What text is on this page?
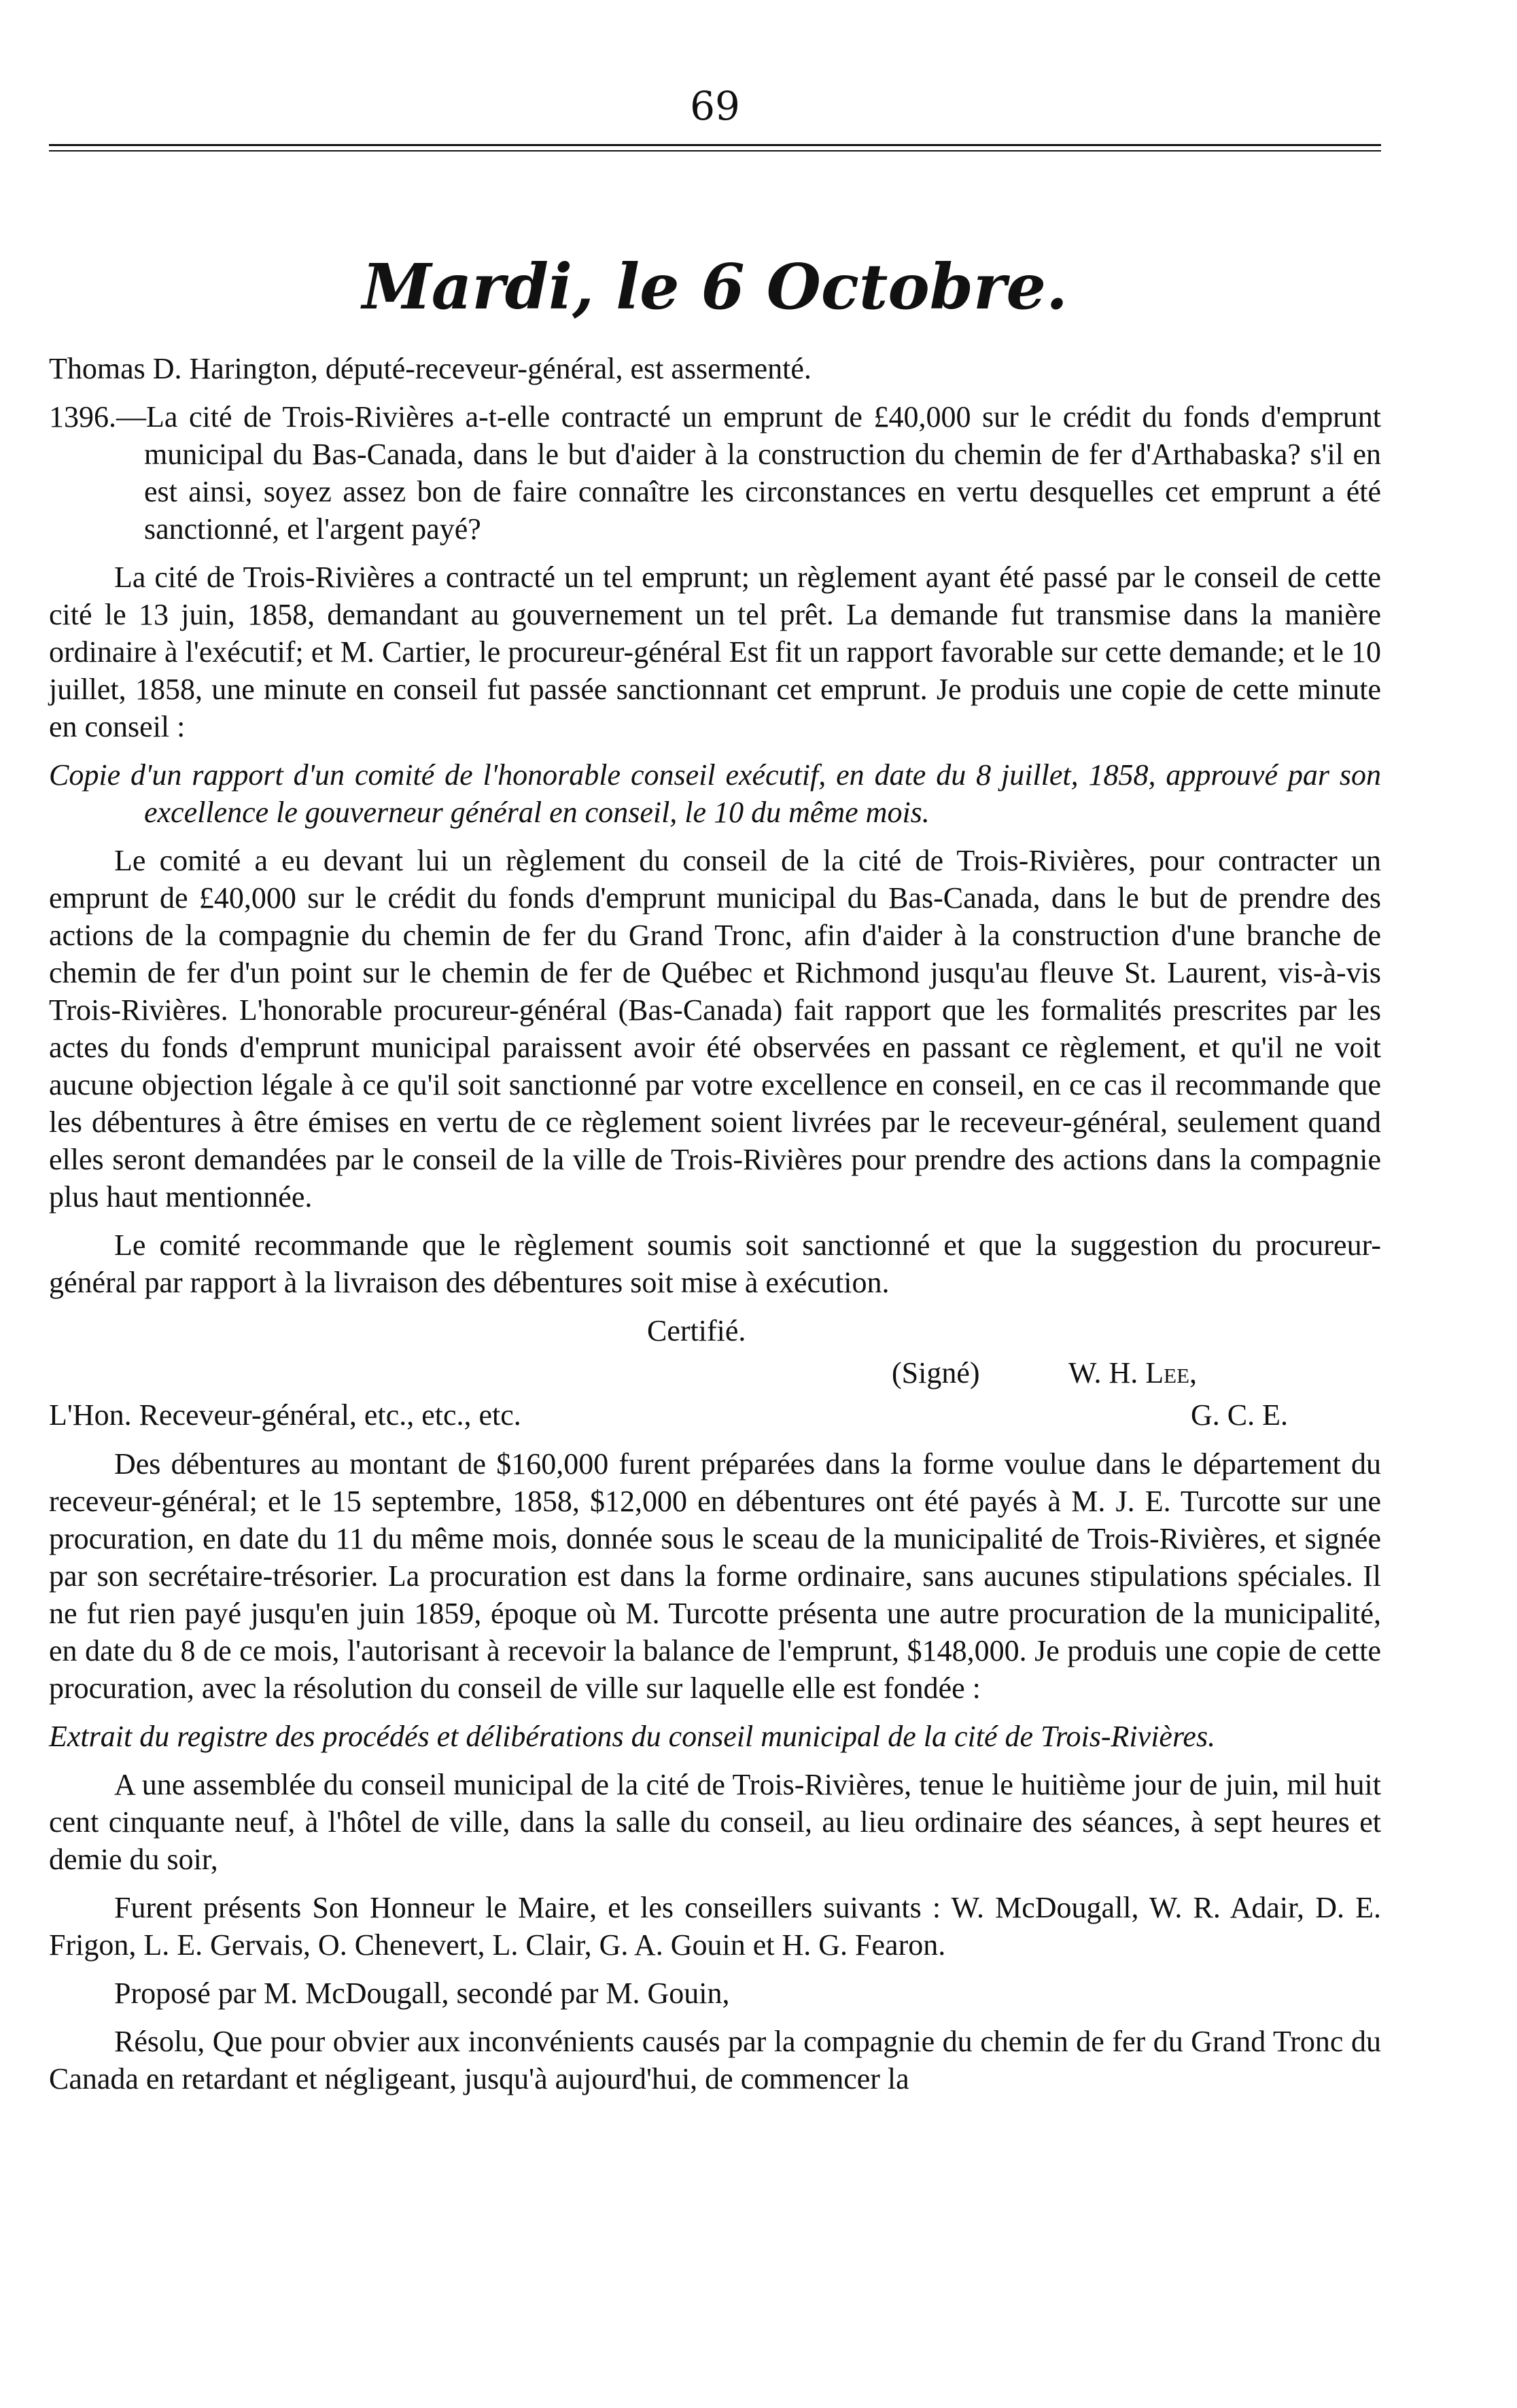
69
Mardi, le 6 Octobre.

Thomas D. Harington, député-receveur-général, est assermenté.

1396.—La cité de Trois-Rivières a-t-elle contracté un emprunt de £40,000 sur le crédit du fonds d'emprunt municipal du Bas-Canada, dans le but d'aider à la construction du chemin de fer d'Arthabaska? s'il en est ainsi, soyez assez bon de faire connaître les circonstances en vertu desquelles cet emprunt a été sanctionné, et l'argent payé?

La cité de Trois-Rivières a contracté un tel emprunt; un règlement ayant été passé par le conseil de cette cité le 13 juin, 1858, demandant au gouvernement un tel prêt. La demande fut transmise dans la manière ordinaire à l'exécutif; et M. Cartier, le procureur-général Est fit un rapport favorable sur cette demande; et le 10 juillet, 1858, une minute en conseil fut passée sanctionnant cet emprunt. Je produis une copie de cette minute en conseil :

Copie d'un rapport d'un comité de l'honorable conseil exécutif, en date du 8 juillet, 1858, approuvé par son excellence le gouverneur général en conseil, le 10 du même mois.

Le comité a eu devant lui un règlement du conseil de la cité de Trois-Rivières, pour contracter un emprunt de £40,000 sur le crédit du fonds d'emprunt municipal du Bas-Canada, dans le but de prendre des actions de la compagnie du chemin de fer du Grand Tronc, afin d'aider à la construction d'une branche de chemin de fer d'un point sur le chemin de fer de Québec et Richmond jusqu'au fleuve St. Laurent, vis-à-vis Trois-Rivières. L'honorable procureur-général (Bas-Canada) fait rapport que les formalités prescrites par les actes du fonds d'emprunt municipal paraissent avoir été observées en passant ce règlement, et qu'il ne voit aucune objection légale à ce qu'il soit sanctionné par votre excellence en conseil, en ce cas il recommande que les débentures à être émises en vertu de ce règlement soient livrées par le receveur-général, seulement quand elles seront demandées par le conseil de la ville de Trois-Rivières pour prendre des actions dans la compagnie plus haut mentionnée.

Le comité recommande que le règlement soumis soit sanctionné et que la suggestion du procureur-général par rapport à la livraison des débentures soit mise à exécution.

Certifié.
(Signé)	W. H. Lee,
L'Hon. Receveur-général, etc., etc., etc.	G. C. E.

Des débentures au montant de $160,000 furent préparées dans la forme voulue dans le département du receveur-général; et le 15 septembre, 1858, $12,000 en débentures ont été payés à M. J. E. Turcotte sur une procuration, en date du 11 du même mois, donnée sous le sceau de la municipalité de Trois-Rivières, et signée par son secrétaire-trésorier. La procuration est dans la forme ordinaire, sans aucunes stipulations spéciales. Il ne fut rien payé jusqu'en juin 1859, époque où M. Turcotte présenta une autre procuration de la municipalité, en date du 8 de ce mois, l'autorisant à recevoir la balance de l'emprunt, $148,000. Je produis une copie de cette procuration, avec la résolution du conseil de ville sur laquelle elle est fondée :

Extrait du registre des procédés et délibérations du conseil municipal de la cité de Trois-Rivières.

A une assemblée du conseil municipal de la cité de Trois-Rivières, tenue le huitième jour de juin, mil huit cent cinquante neuf, à l'hôtel de ville, dans la salle du conseil, au lieu ordinaire des séances, à sept heures et demie du soir,

Furent présents Son Honneur le Maire, et les conseillers suivants : W. McDougall, W. R. Adair, D. E. Frigon, L. E. Gervais, O. Chenevert, L. Clair, G. A. Gouin et H. G. Fearon.

Proposé par M. McDougall, secondé par M. Gouin,

Résolu, Que pour obvier aux inconvénients causés par la compagnie du chemin de fer du Grand Tronc du Canada en retardant et négligeant, jusqu'à aujourd'hui, de commencer la
